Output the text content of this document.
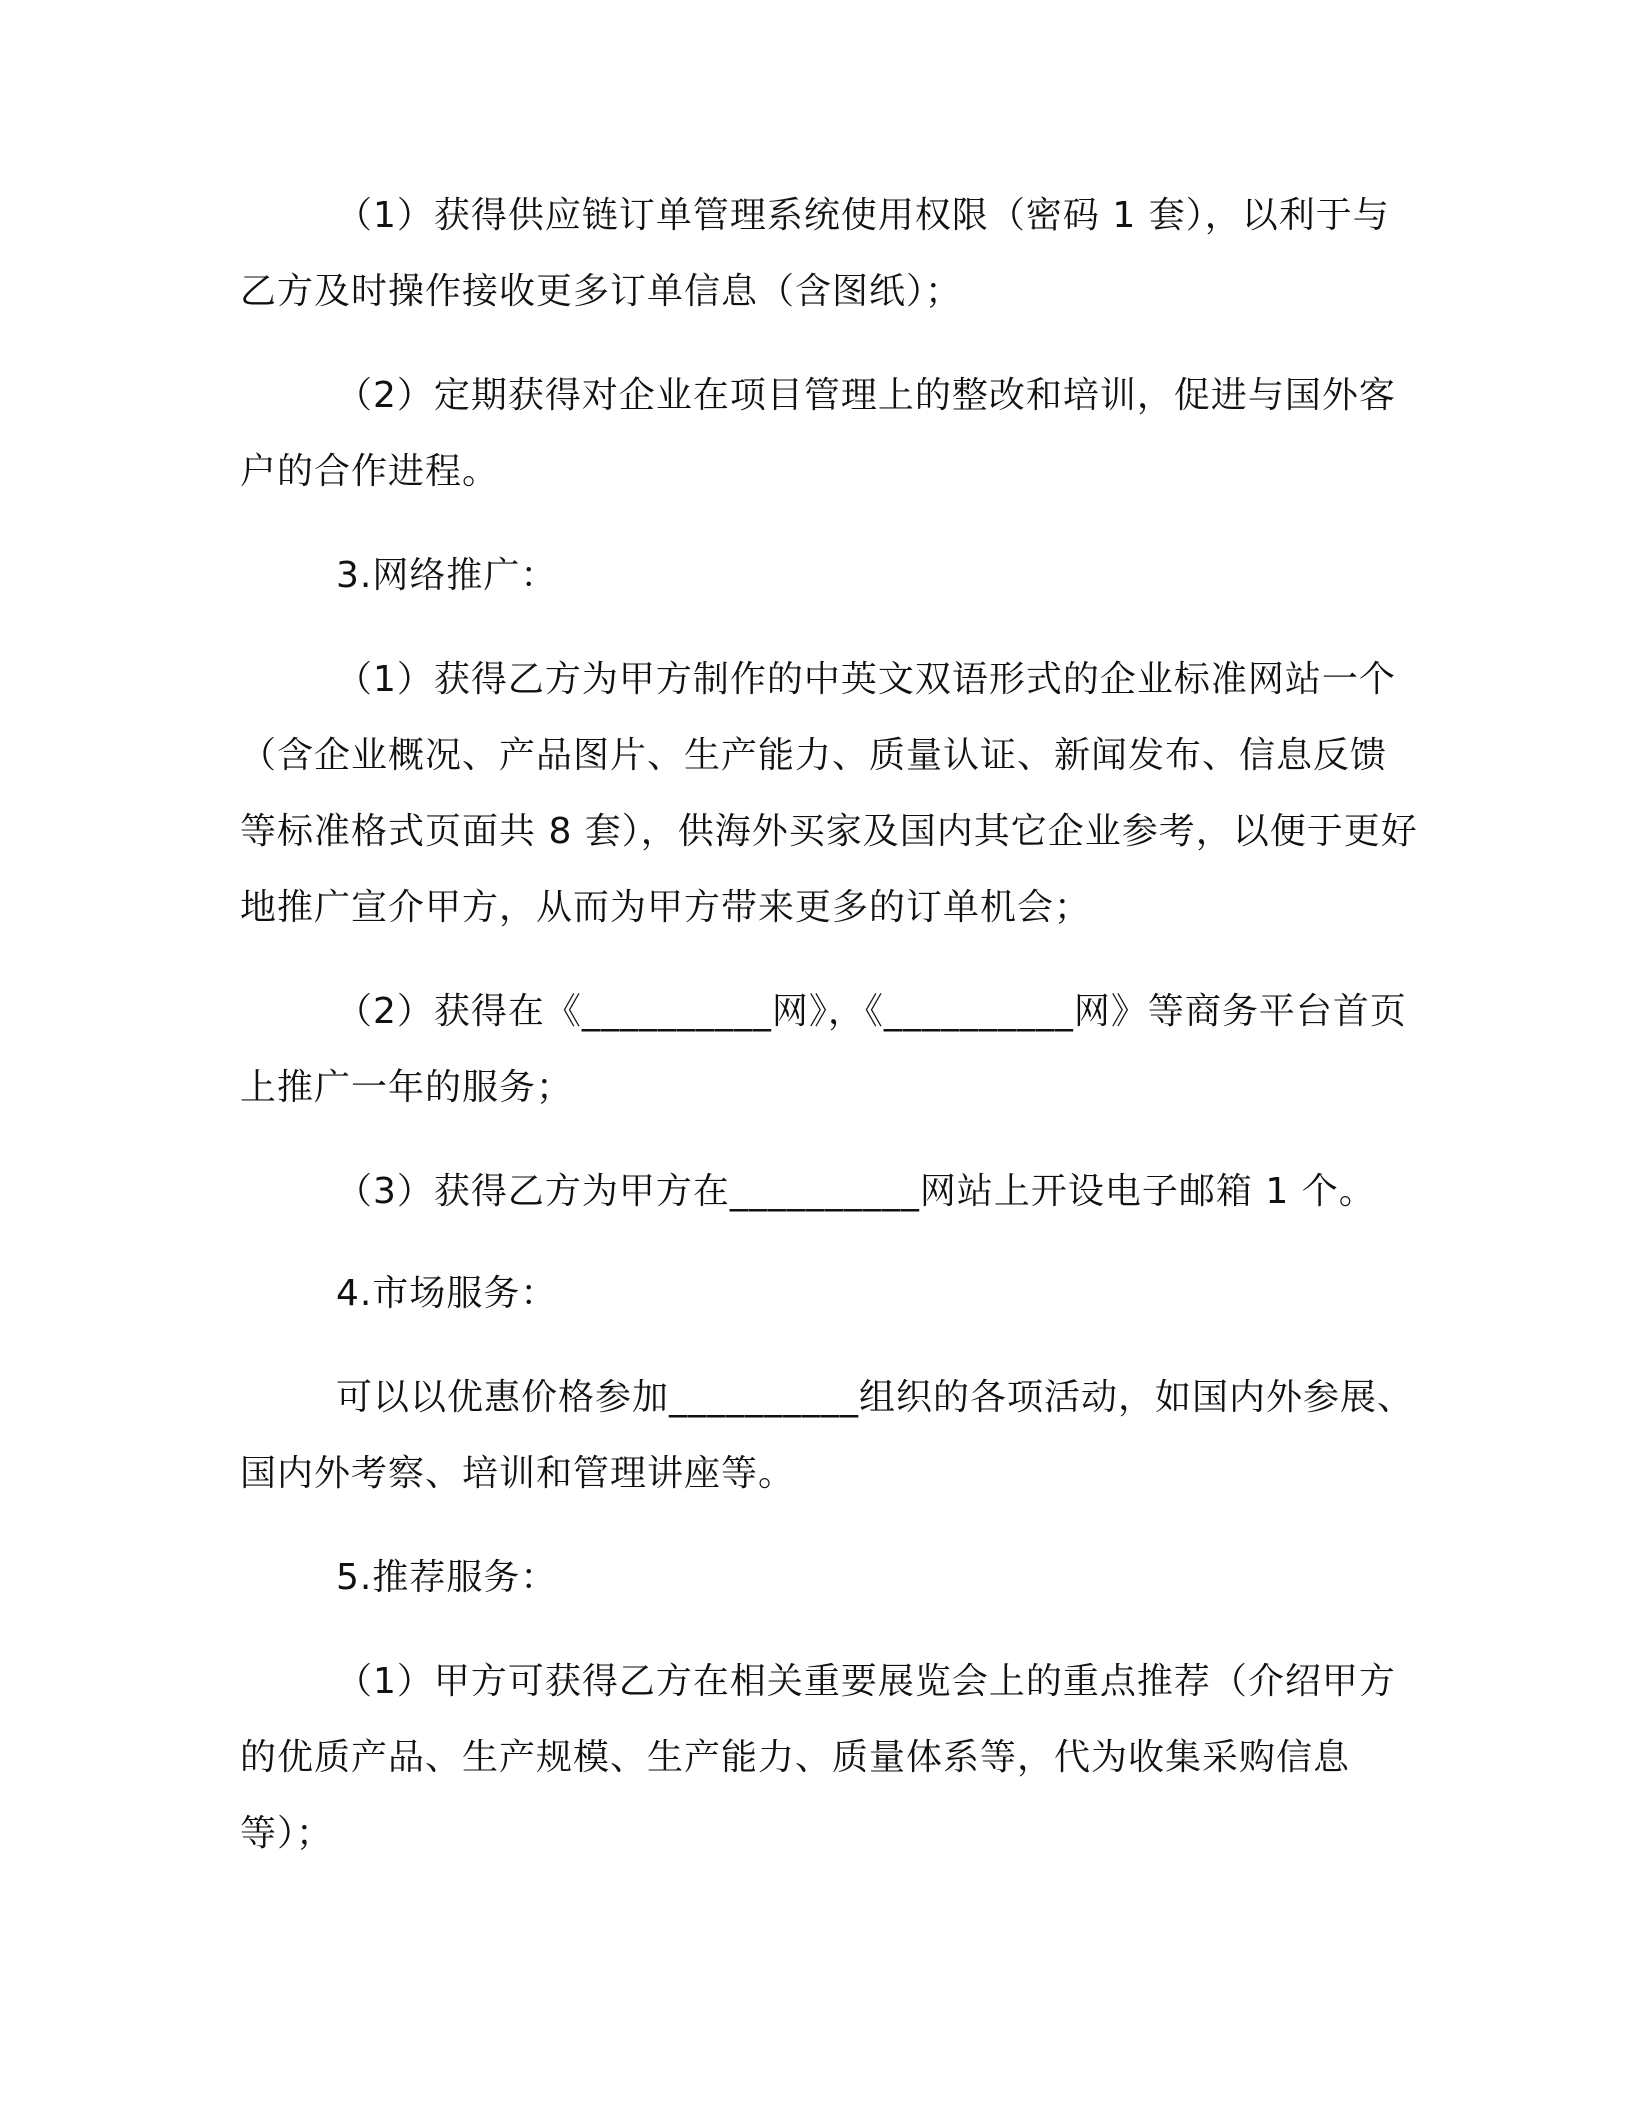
（1）获得供应链订单管理系统使用权限（密码 1 套），以利于与乙方及时操作接收更多订单信息（含图纸）；

（2）定期获得对企业在项目管理上的整改和培训，促进与国外客户的合作进程。

3.网络推广：

（1）获得乙方为甲方制作的中英文双语形式的企业标准网站一个（含企业概况、产品图片、生产能力、质量认证、新闻发布、信息反馈等标准格式页面共 8 套），供海外买家及国内其它企业参考，以便于更好地推广宣介甲方，从而为甲方带来更多的订单机会；

（2）获得在《__________网》，《__________网》等商务平台首页上推广一年的服务；

（3）获得乙方为甲方在__________网站上开设电子邮箱 1 个。

4.市场服务：

可以以优惠价格参加__________组织的各项活动，如国内外参展、国内外考察、培训和管理讲座等。

5.推荐服务：

（1）甲方可获得乙方在相关重要展览会上的重点推荐（介绍甲方的优质产品、生产规模、生产能力、质量体系等，代为收集采购信息等）；
